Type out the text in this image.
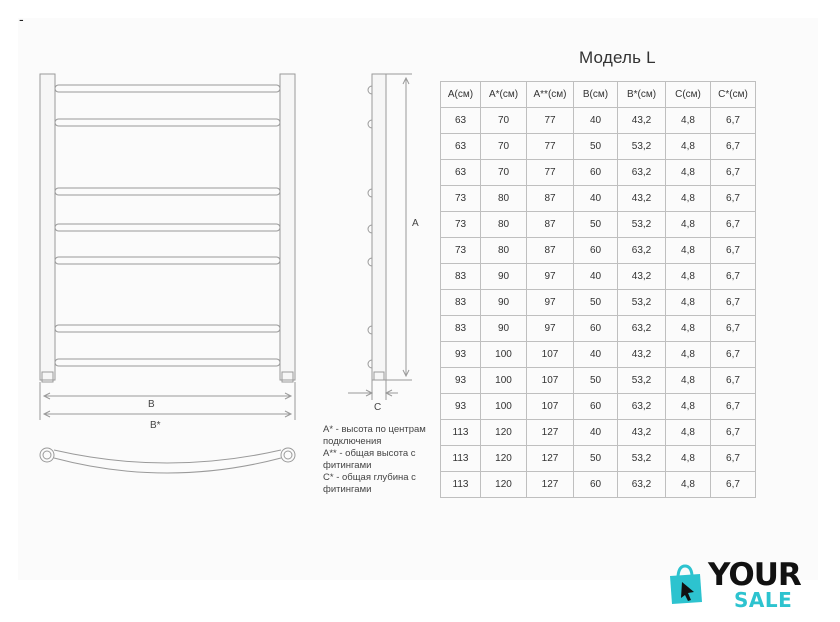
-
B
B*
A
C
Модель L
A(см)	A*(см)	A**(см)	B(см)	B*(см)	C(см)	C*(см)
63	70	77	40	43,2	4,8	6,7
63	70	77	50	53,2	4,8	6,7
63	70	77	60	63,2	4,8	6,7
73	80	87	40	43,2	4,8	6,7
73	80	87	50	53,2	4,8	6,7
73	80	87	60	63,2	4,8	6,7
83	90	97	40	43,2	4,8	6,7
83	90	97	50	53,2	4,8	6,7
83	90	97	60	63,2	4,8	6,7
93	100	107	40	43,2	4,8	6,7
93	100	107	50	53,2	4,8	6,7
93	100	107	60	63,2	4,8	6,7
113	120	127	40	43,2	4,8	6,7
113	120	127	50	53,2	4,8	6,7
113	120	127	60	63,2	4,8	6,7

A* - высота по центрам подключения

A** - общая высота с фитингами

C* - общая глубина с фитингами

YOUR
SALE
